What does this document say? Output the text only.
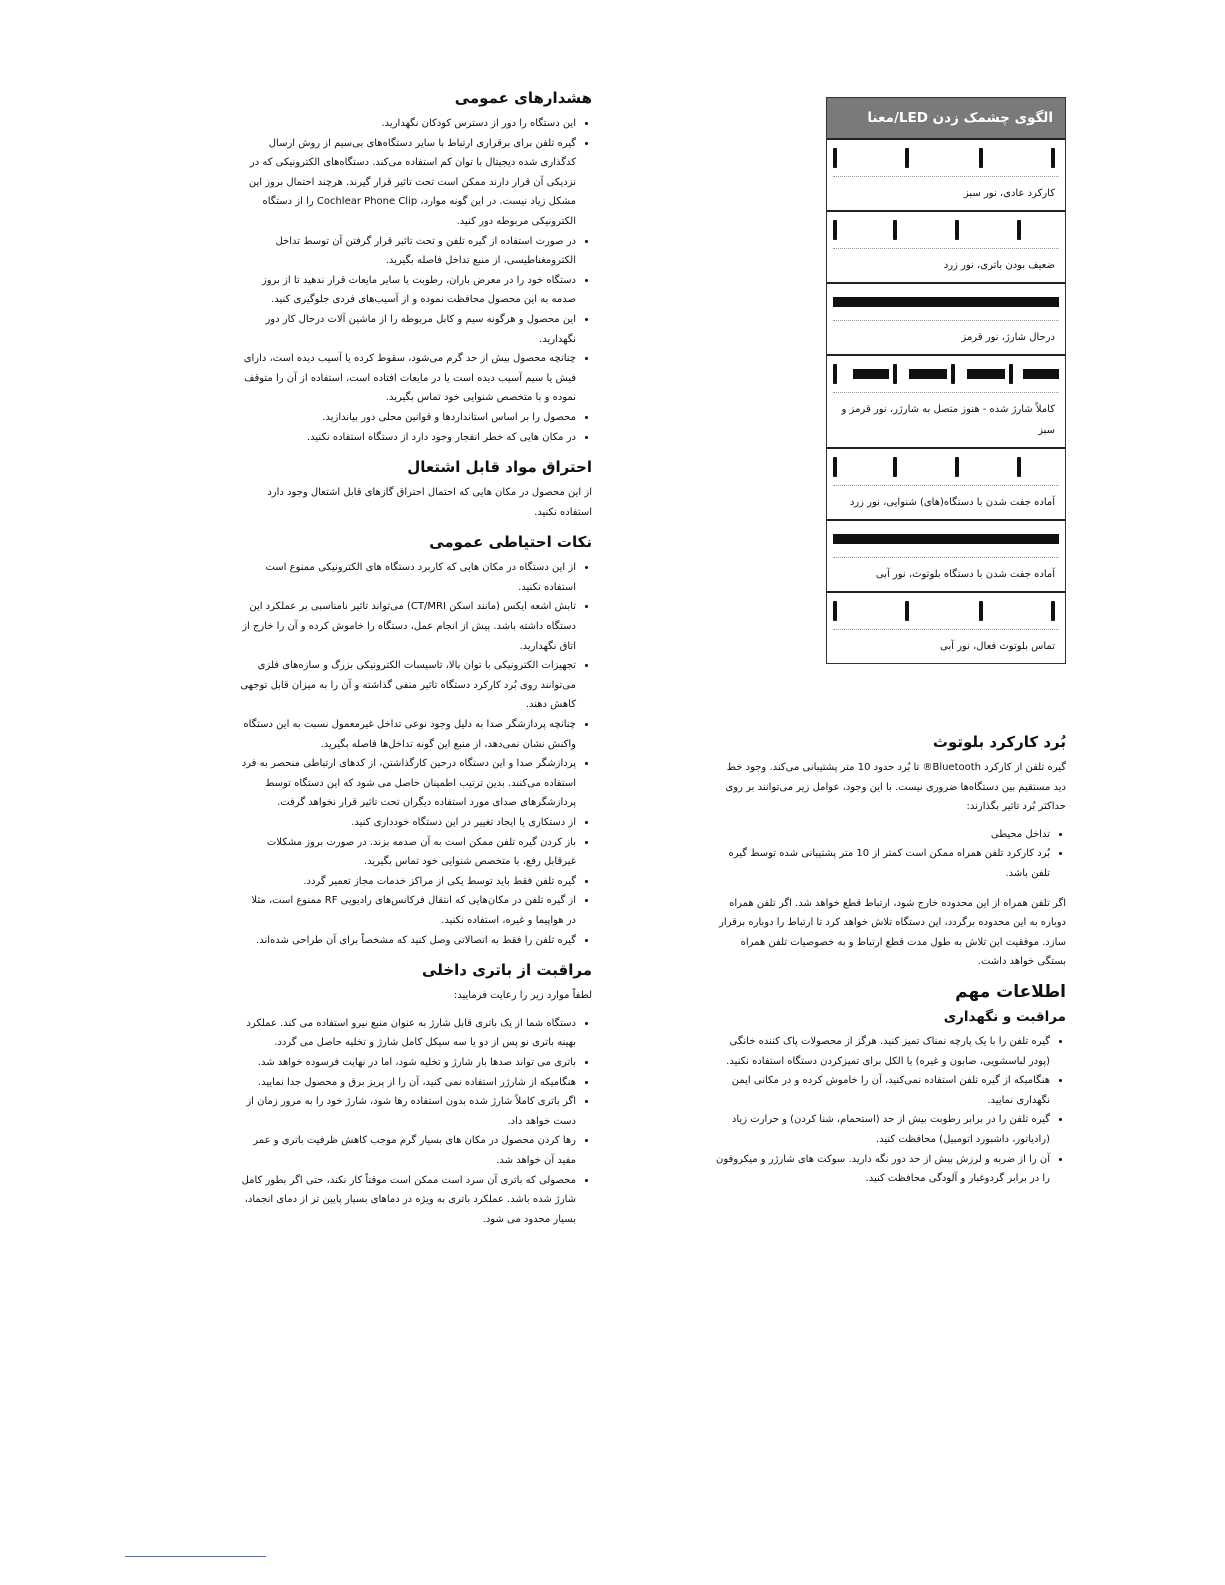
هشدارهای عمومی
• این دستگاه را دور از دسترس کودکان نگهدارید.
• گیره تلفن برای برقراری ارتباط با سایر دستگاه‌های بی‌سیم از روش ارسال کدگذاری شده دیجیتال با توان کم استفاده می‌کند. دستگاه‌های الکترونیکی که در نزدیکی آن قرار دارند ممکن است تحت تاثیر قرار گیرند. هرچند احتمال بروز این مشکل زیاد نیست. در این گونه موارد، Cochlear Phone Clip را از دستگاه الکترونیکی مربوطه دور کنید.
• در صورت استفاده از گیره تلفن و تحت تاثیر قرار گرفتن آن توسط تداخل الکترومغناطیسی، از منبع تداخل فاصله بگیرید.
• دستگاه خود را در معرض باران، رطوبت یا سایر مایعات قرار ندهید تا از بروز صدمه به این محصول محافظت نموده و از آسیب‌های فردی جلوگیری کنید.
• این محصول و هرگونه سیم و کابل مربوطه را از ماشین آلات درحال کار دور نگهدارید.
• چنانچه محصول بیش از حد گرم می‌شود، سقوط کرده یا آسیب دیده است، دارای فیش یا سیم آسیب دیده است یا در مایعات افتاده است، استفاده از آن را متوقف نموده و با متخصص شنوایی خود تماس بگیرید.
• محصول را بر اساس استانداردها و قوانین محلی دور بیاندازید.
• در مکان هایی که خطر انفجار وجود دارد از دستگاه استفاده نکنید.
احتراق مواد قابل اشتعال

از این محصول در مکان هایی که احتمال احتراق گازهای قابل اشتعال وجود دارد استفاده نکنید.

نکات احتیاطی عمومی
• از این دستگاه در مکان هایی که کاربرد دستگاه های الکترونیکی ممنوع است استفاده نکنید.
• تابش اشعه ایکس (مانند اسکن CT/MRI) می‌تواند تاثیر نامناسبی بر عملکرد این دستگاه داشته باشد. پیش از انجام عمل، دستگاه را خاموش کرده و آن را خارج از اتاق نگهدارید.
• تجهیزات الکترونیکی با توان بالا، تاسیسات الکترونیکی بزرگ و سازه‌های فلزی می‌توانند روی بُرد کارکرد دستگاه تاثیر منفی گذاشته و آن را به میزان قابل توجهی کاهش دهند.
• چنانچه پردازشگر صدا به دلیل وجود نوعی تداخل غیرمعمول نسبت به این دستگاه واکنش نشان نمی‌دهد، از منبع این گونه تداخل‌ها فاصله بگیرید.
• پردازشگر صدا و این دستگاه درحین کارگذاشتن، از کدهای ارتباطی منحصر به فرد استفاده می‌کنند. بدین ترتیب اطمینان حاصل می شود که این دستگاه توسط پردازشگرهای صدای مورد استفاده دیگران تحت تاثیر قرار نخواهد گرفت.
• از دستکاری یا ایجاد تغییر در این دستگاه خودداری کنید.
• باز کردن گیره تلفن ممکن است به آن صدمه بزند. در صورت بروز مشکلات غیرقابل رفع، با متخصص شنوایی خود تماس بگیرید.
• گیره تلفن فقط باید توسط یکی از مراکز خدمات مجاز تعمیر گردد.
• از گیره تلفن در مکان‌هایی که انتقال فرکانس‌های رادیویی RF ممنوع است، مثلا در هواپیما و غیره، استفاده نکنید.
• گیره تلفن را فقط به اتصالاتی وصل کنید که مشخصاً برای آن طراحی شده‌اند.
مراقبت از باتری داخلی

لطفاً موارد زیر را رعایت فرمایید:

• دستگاه شما از یک باتری قابل شارژ به عنوان منبع نیرو استفاده می کند. عملکرد بهینه باتری نو پس از دو یا سه سیکل کامل شارژ و تخلیه حاصل می گردد.
• باتری می تواند صدها بار شارژ و تخلیه شود، اما در نهایت فرسوده خواهد شد.
• هنگامیکه از شارژر استفاده نمی کنید، آن را از پریز برق و محصول جدا نمایید.
• اگر باتری کاملاً شارژ شده بدون استفاده رها شود، شارژ خود را به مرور زمان از دست خواهد داد.
• رها کردن محصول در مکان های بسیار گرم موجب کاهش ظرفیت باتری و عمر مفید آن خواهد شد.
• محصولی که باتری آن سرد است ممکن است موقتاً کار نکند، حتی اگر بطور کامل شارژ شده باشد. عملکرد باتری به ویژه در دماهای بسیار پایین تر از دمای انجماد، بسیار محدود می شود.
الگوی چشمک زدن LED/معنا
کارکرد عادی، نور سبز
ضعیف بودن باتری، نور زرد
درحال شارژ، نور قرمز
کاملاً شارژ شده - هنوز متصل به شارژر، نور قرمز و سبز
آماده جفت شدن با دستگاه(های) شنوایی، نور زرد
آماده جفت شدن با دستگاه بلوتوث، نور آبی
تماس بلوتوث فعال، نور آبی
بُرد کارکرد بلوتوث

گیره تلفن از کارکرد Bluetooth® تا بُرد حدود 10 متر پشتیبانی می‌کند. وجود خط دید مستقیم بین دستگاه‌ها ضروری نیست. با این وجود، عوامل زیر می‌توانند بر روی حداکثر بُرد تاثیر بگذارند:

• تداخل محیطی
• بُرد کارکرد تلفن همراه ممکن است کمتر از 10 متر پشتیبانی شده توسط گیره تلفن باشد.

اگر تلفن همراه از این محدوده خارج شود، ارتباط قطع خواهد شد. اگر تلفن همراه دوباره به این محدوده برگردد، این دستگاه تلاش خواهد کرد تا ارتباط را دوباره برقرار سازد. موفقیت این تلاش به طول مدت قطع ارتباط و به خصوصیات تلفن همراه بستگی خواهد داشت.

اطلاعات مهم
مراقبت و نگهداری
• گیره تلفن را با یک پارچه نمناک تمیز کنید. هرگز از محصولات پاک کننده خانگی (پودر لباسشویی، صابون و غیره) یا الکل برای تمیزکردن دستگاه استفاده نکنید.
• هنگامیکه از گیره تلفن استفاده نمی‌کنید، آن را خاموش کرده و در مکانی ایمن نگهداری نمایید.
• گیره تلفن را در برابر رطوبت بیش از حد (استحمام، شنا کردن) و حرارت زیاد (رادیاتور، داشبورد اتومبیل) محافظت کنید.
• آن را از ضربه و لرزش بیش از حد دور نگه دارید. سوکت های شارژر و میکروفون را در برابر گردوغبار و آلودگی محافظت کنید.
